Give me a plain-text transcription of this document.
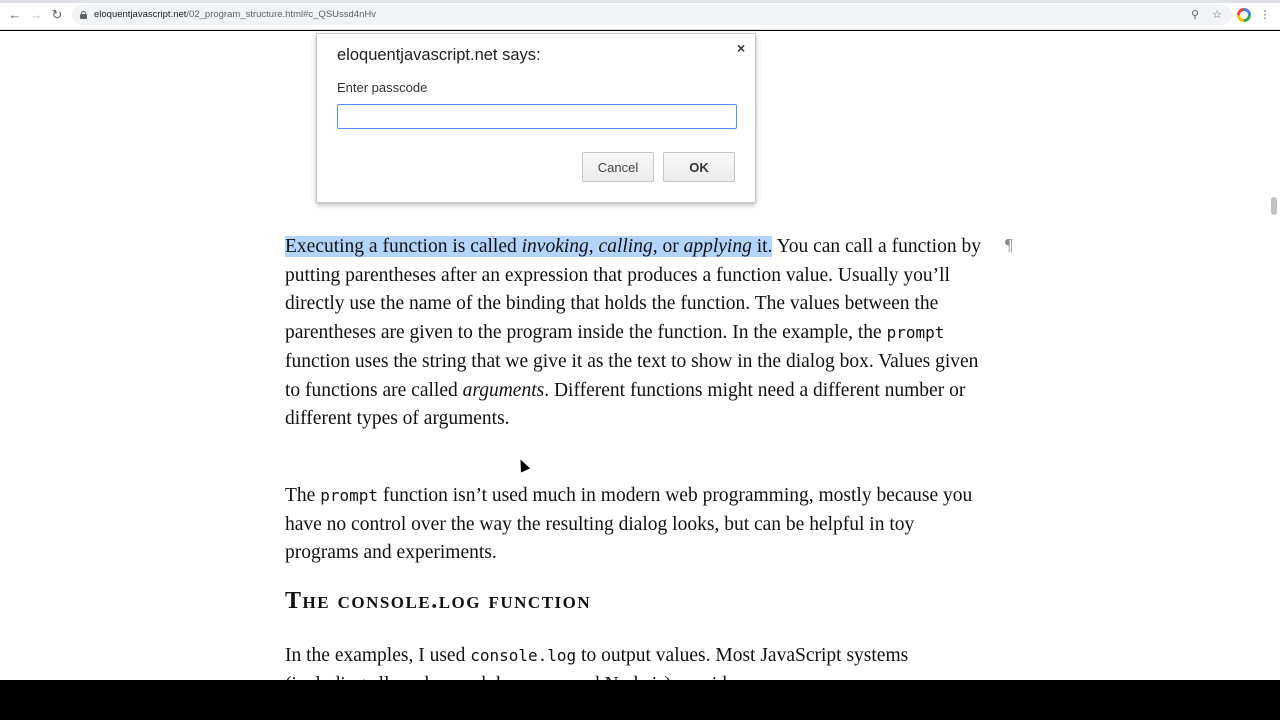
← → ↻	eloquentjavascript.net/02_program_structure.html#c_QSUssd4nHv	⚲ ☆	⋮

Executing a function is called invoking, calling, or applying it. You can call a function by putting parentheses after an expression that produces a function value. Usually you’ll directly use the name of the binding that holds the function. The values between the parentheses are given to the program inside the function. In the example, the prompt function uses the string that we give it as the text to show in the dialog box. Values given to functions are called arguments. Different functions might need a different number or different types of arguments.

The prompt function isn’t used much in modern web programming, mostly because you have no control over the way the resulting dialog looks, but can be helpful in toy programs and experiments.

The console.log function

In the examples, I used console.log to output values. Most JavaScript systems

¶
eloquentjavascript.net says:	×
Enter passcode
Cancel	OK
